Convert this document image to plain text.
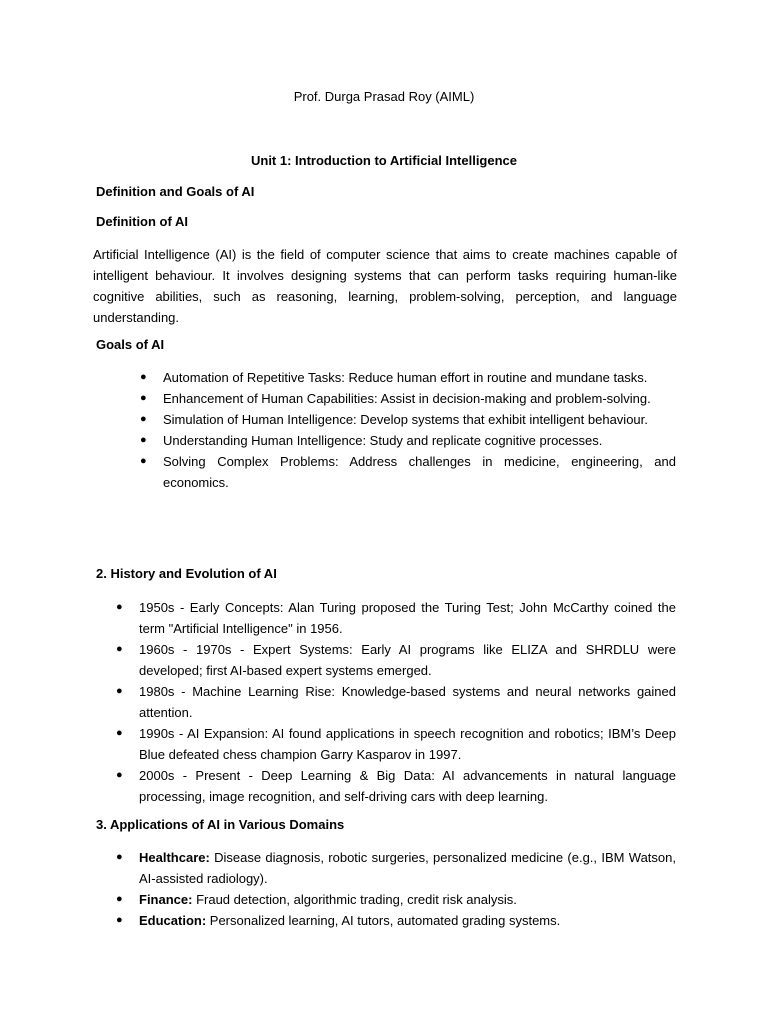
Prof. Durga Prasad Roy (AIML)
Unit 1: Introduction to Artificial Intelligence
Definition and Goals of AI
Definition of AI

Artificial Intelligence (AI) is the field of computer science that aims to create machines capable of intelligent behaviour. It involves designing systems that can perform tasks requiring human-like cognitive abilities, such as reasoning, learning, problem-solving, perception, and language understanding.

Goals of AI
● Automation of Repetitive Tasks: Reduce human effort in routine and mundane tasks.
● Enhancement of Human Capabilities: Assist in decision-making and problem-solving.
● Simulation of Human Intelligence: Develop systems that exhibit intelligent behaviour.
● Understanding Human Intelligence: Study and replicate cognitive processes.
● Solving Complex Problems: Address challenges in medicine, engineering, and economics.
2. History and Evolution of AI
● 1950s - Early Concepts: Alan Turing proposed the Turing Test; John McCarthy coined the term "Artificial Intelligence" in 1956.
● 1960s - 1970s - Expert Systems: Early AI programs like ELIZA and SHRDLU were developed; first AI-based expert systems emerged.
● 1980s - Machine Learning Rise: Knowledge-based systems and neural networks gained attention.
● 1990s - AI Expansion: AI found applications in speech recognition and robotics; IBM’s Deep Blue defeated chess champion Garry Kasparov in 1997.
● 2000s - Present - Deep Learning & Big Data: AI advancements in natural language processing, image recognition, and self-driving cars with deep learning.
3. Applications of AI in Various Domains
● Healthcare: Disease diagnosis, robotic surgeries, personalized medicine (e.g., IBM Watson, AI-assisted radiology).
● Finance: Fraud detection, algorithmic trading, credit risk analysis.
● Education: Personalized learning, AI tutors, automated grading systems.
